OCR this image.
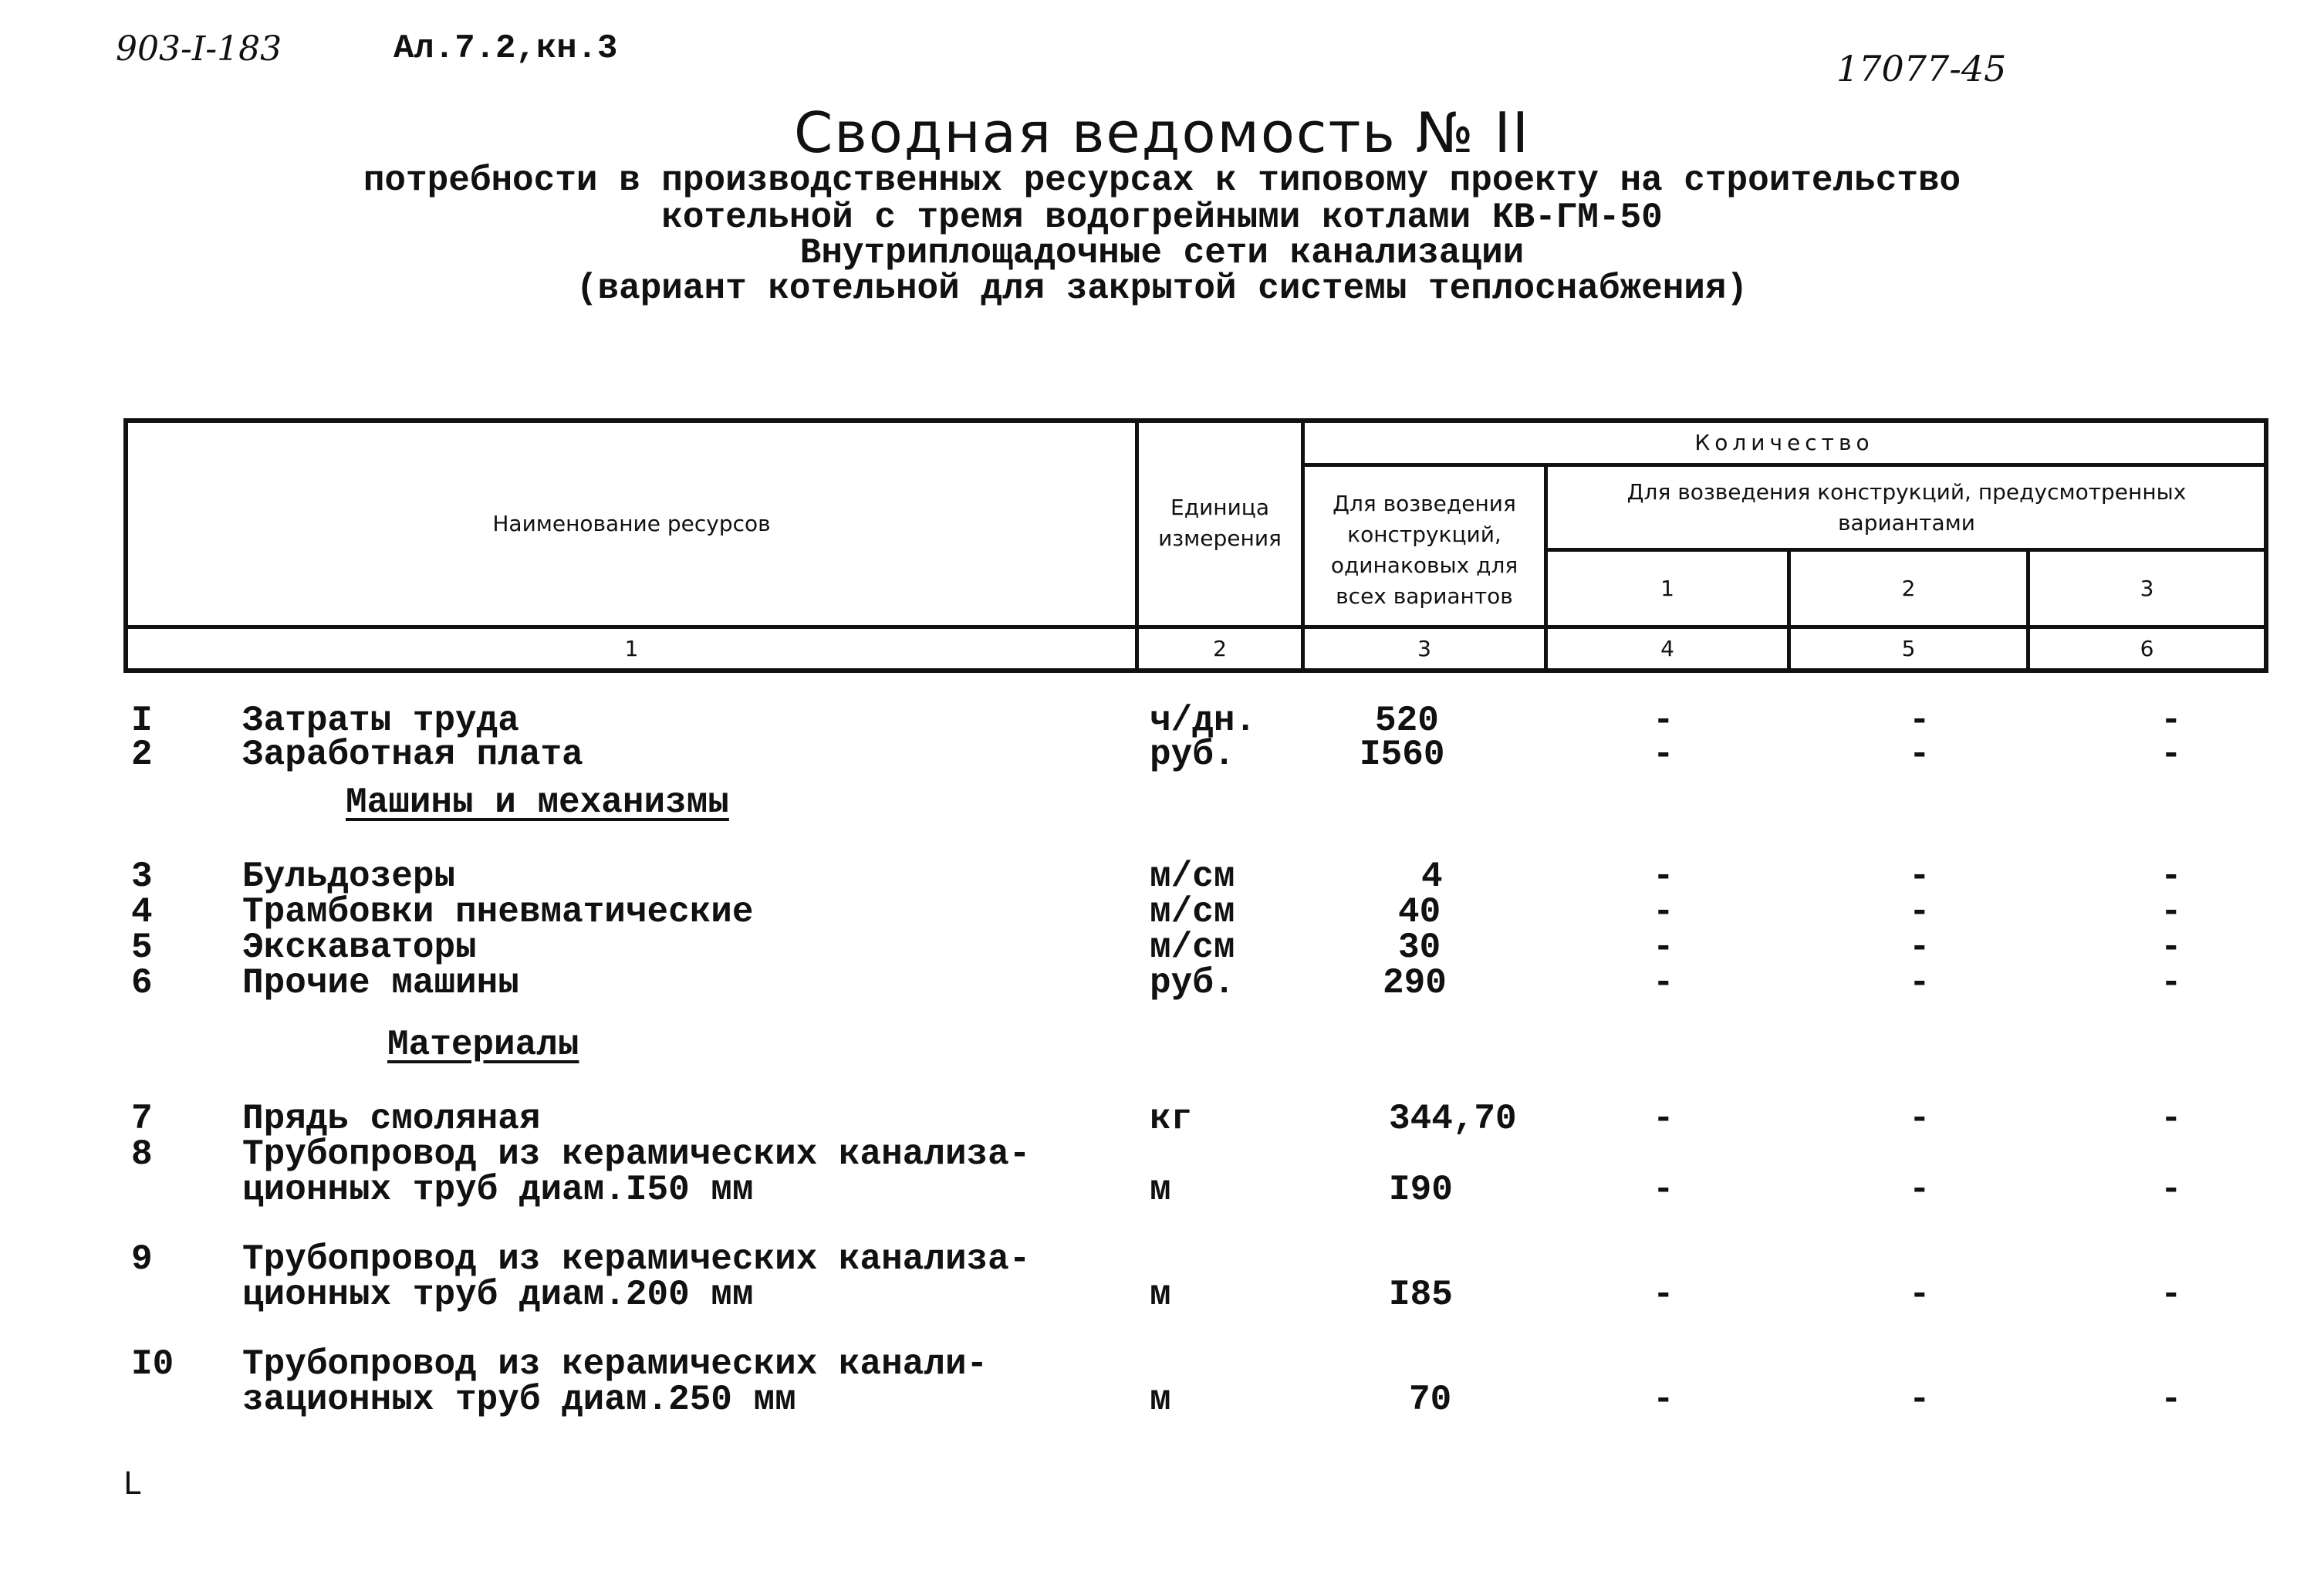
903-I-183	Ал.7.2,кн.3	17077-45
Сводная ведомость № II
потребности в производственных ресурсах к типовому проекту на строительство
котельной с тремя водогрейными котлами КВ-ГМ-50
Внутриплощадочные сети канализации
(вариант котельной для закрытой системы теплоснабжения)
Наименование ресурсов
Единица измерения
Количество
Для возведения конструкций, одинаковых для всех вариантов
Для возведения конструкций, предусмотренных вариантами
1	2	3
1	2	3	4	5	6
I	Затраты труда	ч/дн.	520	-	-	-
2	Заработная плата	руб.	I560	-	-	-
Машины и механизмы
3	Бульдозеры	м/см	4	-	-	-
4	Трамбовки пневматические	м/см	40	-	-	-
5	Экскаваторы	м/см	30	-	-	-
6	Прочие машины	руб.	290	-	-	-
Материалы
7	Прядь смоляная	кг	344,70	-	-	-
8	Трубопровод из керамических канализа-
ционных труб диам.I50 мм	м	I90	-	-	-
9	Трубопровод из керамических канализа-
ционных труб диам.200 мм	м	I85	-	-	-
I0 Трубопровод из керамических канали-
зационных труб диам.250 мм	м	70	-	-	-
L
